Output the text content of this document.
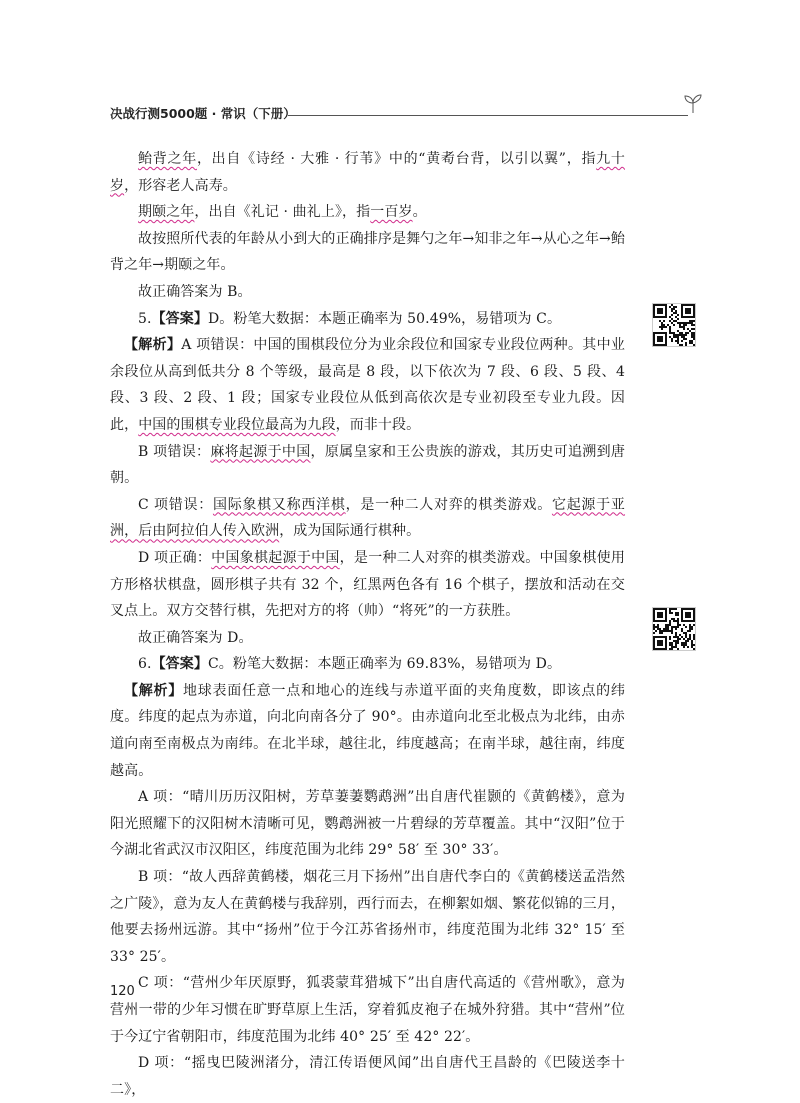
决战行测5000题 · 常识（下册）

鲐背之年，出自《诗经 · 大雅 · 行苇》中的“黄耇台背，以引以翼”，指九十岁，形容老人高寿。

期颐之年，出自《礼记 · 曲礼上》，指一百岁。

故按照所代表的年龄从小到大的正确排序是舞勺之年→知非之年→从心之年→鲐背之年→期颐之年。

故正确答案为 B。

5.【答案】D。粉笔大数据：本题正确率为 50.49%，易错项为 C。

【解析】A 项错误：中国的围棋段位分为业余段位和国家专业段位两种。其中业余段位从高到低共分 8 个等级，最高是 8 段，以下依次为 7 段、6 段、5 段、4 段、3 段、2 段、1 段；国家专业段位从低到高依次是专业初段至专业九段。因此，中国的围棋专业段位最高为九段，而非十段。

B 项错误：麻将起源于中国，原属皇家和王公贵族的游戏，其历史可追溯到唐朝。

C 项错误：国际象棋又称西洋棋，是一种二人对弈的棋类游戏。它起源于亚洲，后由阿拉伯人传入欧洲，成为国际通行棋种。

D 项正确：中国象棋起源于中国，是一种二人对弈的棋类游戏。中国象棋使用方形格状棋盘，圆形棋子共有 32 个，红黑两色各有 16 个棋子，摆放和活动在交叉点上。双方交替行棋，先把对方的将（帅）“将死”的一方获胜。

故正确答案为 D。

6.【答案】C。粉笔大数据：本题正确率为 69.83%，易错项为 D。

【解析】地球表面任意一点和地心的连线与赤道平面的夹角度数，即该点的纬度。纬度的起点为赤道，向北向南各分了 90°。由赤道向北至北极点为北纬，由赤道向南至南极点为南纬。在北半球，越往北，纬度越高；在南半球，越往南，纬度越高。

A 项：“晴川历历汉阳树，芳草萋萋鹦鹉洲”出自唐代崔颢的《黄鹤楼》，意为阳光照耀下的汉阳树木清晰可见，鹦鹉洲被一片碧绿的芳草覆盖。其中“汉阳”位于今湖北省武汉市汉阳区，纬度范围为北纬 29° 58′ 至 30° 33′。

B 项：“故人西辞黄鹤楼，烟花三月下扬州”出自唐代李白的《黄鹤楼送孟浩然之广陵》，意为友人在黄鹤楼与我辞别，西行而去，在柳絮如烟、繁花似锦的三月，他要去扬州远游。其中“扬州”位于今江苏省扬州市，纬度范围为北纬 32° 15′ 至 33° 25′。

C 项：“营州少年厌原野，狐裘蒙茸猎城下”出自唐代高适的《营州歌》，意为营州一带的少年习惯在旷野草原上生活，穿着狐皮袍子在城外狩猎。其中“营州”位于今辽宁省朝阳市，纬度范围为北纬 40° 25′ 至 42° 22′。

D 项：“摇曳巴陵洲渚分，清江传语便风闻”出自唐代王昌龄的《巴陵送李十二》，

120
